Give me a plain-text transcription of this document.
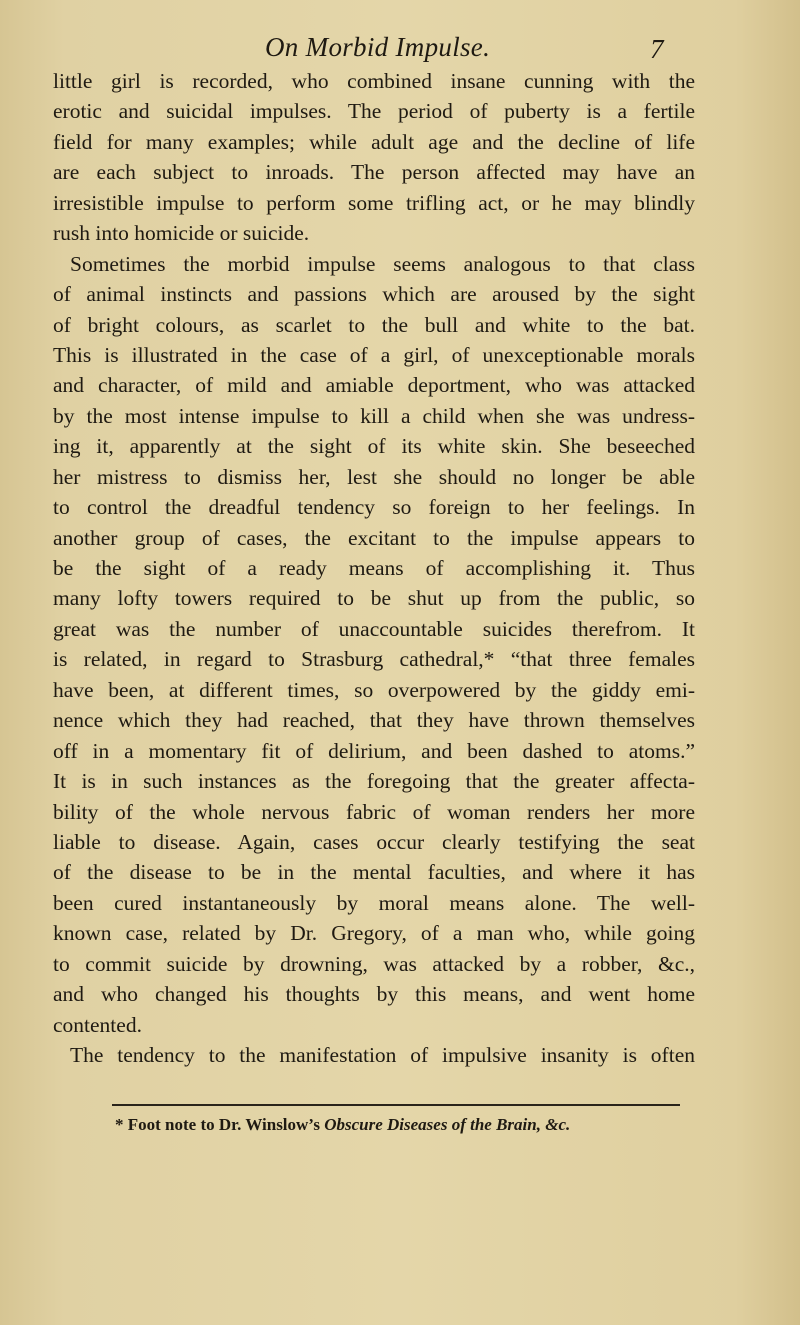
On Morbid Impulse.	7
little girl is recorded, who combined insane cunning with the
erotic and suicidal impulses. The period of puberty is a fertile
field for many examples; while adult age and the decline of life
are each subject to inroads. The person affected may have an
irresistible impulse to perform some trifling act, or he may blindly
rush into homicide or suicide.
Sometimes the morbid impulse seems analogous to that class
of animal instincts and passions which are aroused by the sight
of bright colours, as scarlet to the bull and white to the bat.
This is illustrated in the case of a girl, of unexceptionable morals
and character, of mild and amiable deportment, who was attacked
by the most intense impulse to kill a child when she was undress-
ing it, apparently at the sight of its white skin. She beseeched
her mistress to dismiss her, lest she should no longer be able
to control the dreadful tendency so foreign to her feelings. In
another group of cases, the excitant to the impulse appears to
be the sight of a ready means of accomplishing it. Thus
many lofty towers required to be shut up from the public, so
great was the number of unaccountable suicides therefrom. It
is related, in regard to Strasburg cathedral,* “that three females
have been, at different times, so overpowered by the giddy emi-
nence which they had reached, that they have thrown themselves
off in a momentary fit of delirium, and been dashed to atoms.”
It is in such instances as the foregoing that the greater affecta-
bility of the whole nervous fabric of woman renders her more
liable to disease. Again, cases occur clearly testifying the seat
of the disease to be in the mental faculties, and where it has
been cured instantaneously by moral means alone. The well-
known case, related by Dr. Gregory, of a man who, while going
to commit suicide by drowning, was attacked by a robber, &c.,
and who changed his thoughts by this means, and went home
contented.
The tendency to the manifestation of impulsive insanity is often
* Foot note to Dr. Winslow’s Obscure Diseases of the Brain, &c.
